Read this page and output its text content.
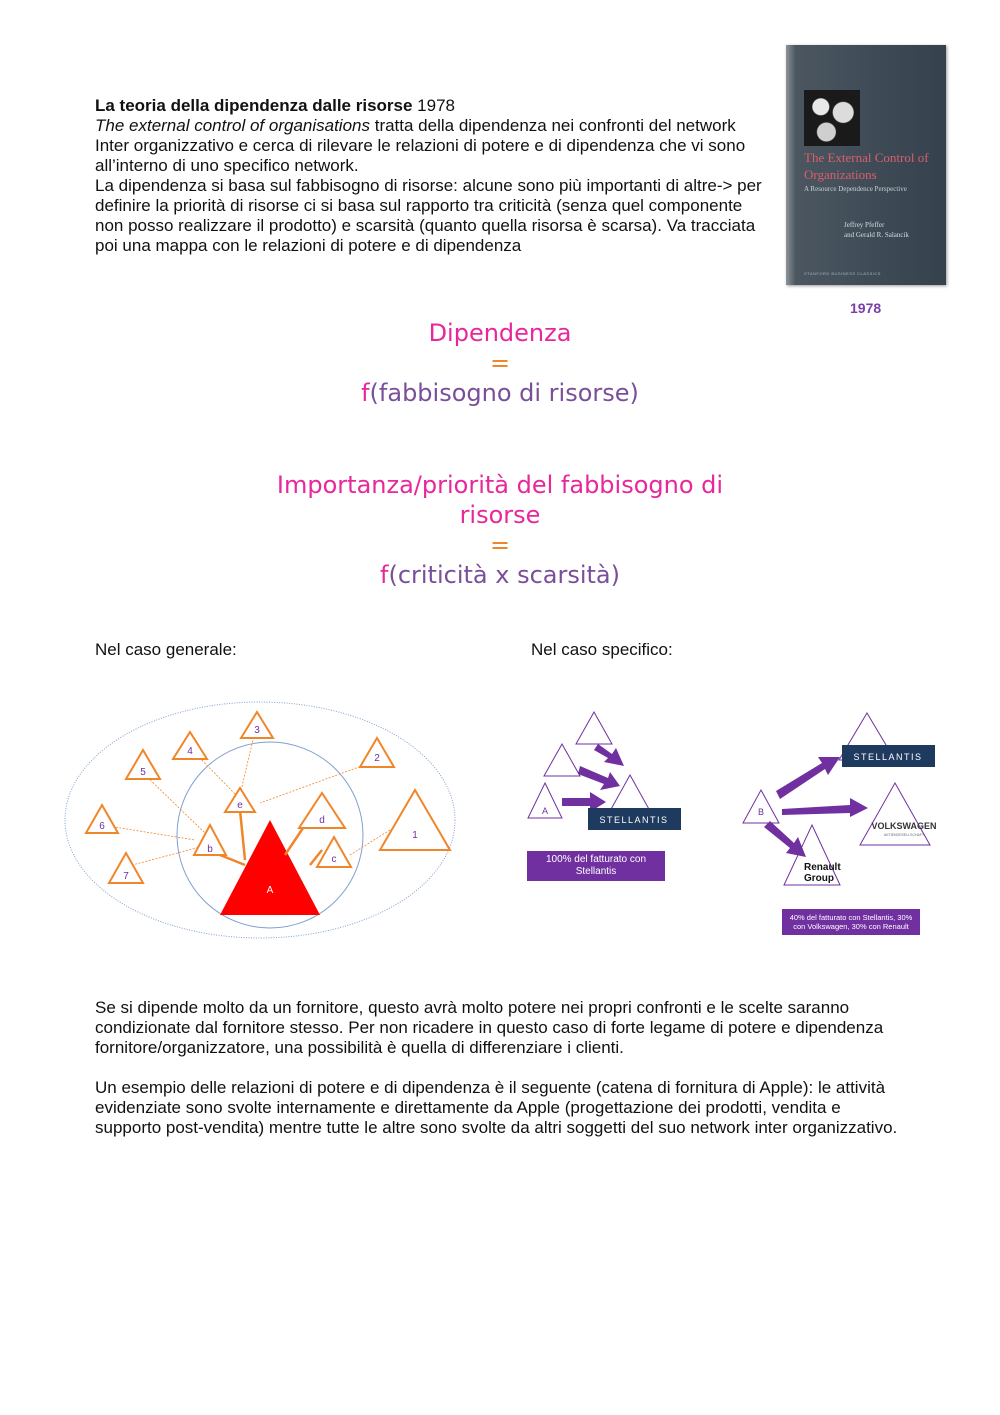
La teoria della dipendenza dalle risorse 1978

The external control of organisations tratta della dipendenza nei confronti del network Inter organizzativo e cerca di rilevare le relazioni di potere e di dipendenza che vi sono all’interno di uno specifico network.

La dipendenza si basa sul fabbisogno di risorse: alcune sono più importanti di altre-> per definire la priorità di risorse ci si basa sul rapporto tra criticità (senza quel componente non posso realizzare il prodotto) e scarsità (quanto quella risorsa è scarsa). Va tracciata poi una mappa con le relazioni di potere e di dipendenza

The External Control of Organizations
A Resource Dependence Perspective
Jeffrey Pfeffer
and Gerald R. Salancik
STANFORD BUSINESS CLASSICS
1978
Dipendenza
=
f(fabbisogno di risorse)
Importanza/priorità del fabbisogno di
risorse
=
f(criticità x scarsità)
Nel caso generale:	Nel caso specifico:
A
e
d
b
c
1
2
3
4
5
6
7
A
STELLANTIS
100% del fatturato con Stellantis
B
STELLANTIS
VOLKSWAGEN
AKTIENGESELLSCHAFT
Renault
Group
40% del fatturato con Stellantis, 30% con Volkswagen, 30% con Renault

Se si dipende molto da un fornitore, questo avrà molto potere nei propri confronti e le scelte saranno condizionate dal fornitore stesso. Per non ricadere in questo caso di forte legame di potere e dipendenza fornitore/organizzatore, una possibilità è quella di differenziare i clienti.

Un esempio delle relazioni di potere e di dipendenza è il seguente (catena di fornitura di Apple): le attività evidenziate sono svolte internamente e direttamente da Apple (progettazione dei prodotti, vendita e supporto post-vendita) mentre tutte le altre sono svolte da altri soggetti del suo network inter organizzativo.
